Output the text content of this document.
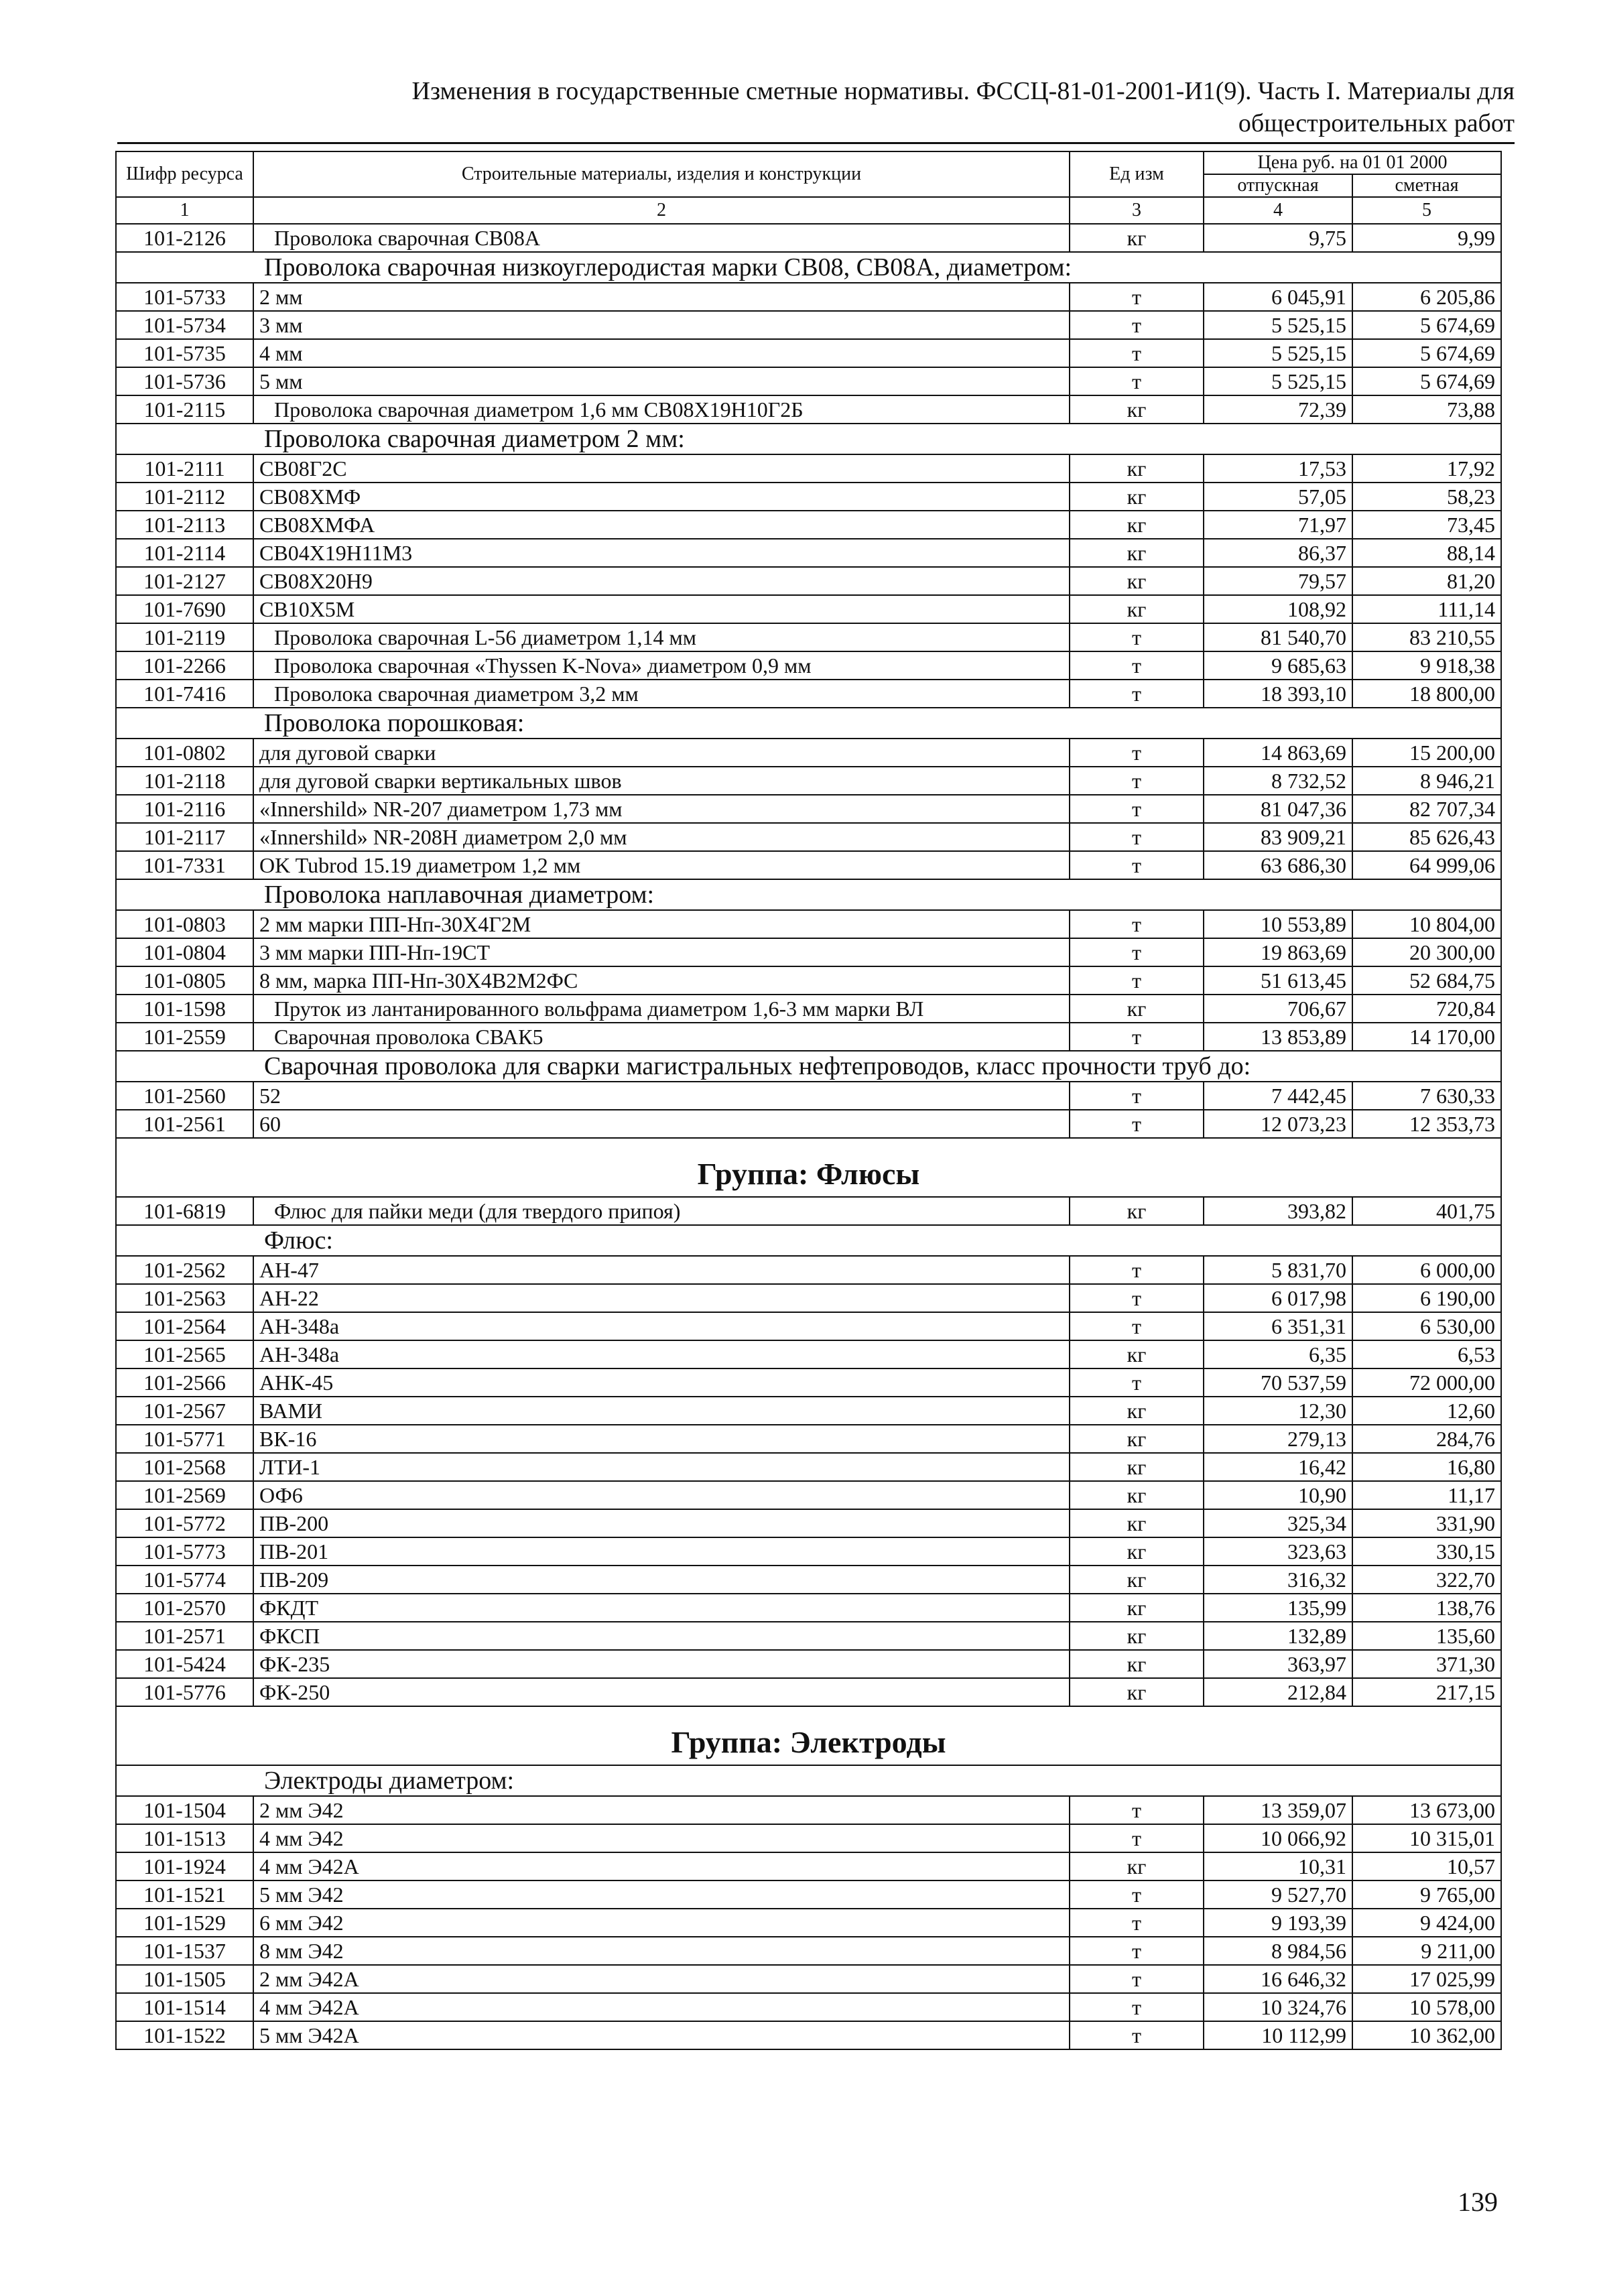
Изменения в государственные сметные нормативы. ФССЦ-81-01-2001-И1(9). Часть I. Материалы для
общестроительных работ
Шифр ресурса	Строительные материалы, изделия и конструкции	Ед изм	Цена руб. на 01 01 2000	
			отпускная	сметная
1	2	3	4	5
101-2126	Проволока сварочная СВ08А	кг	9,75	9,99
Проволока сварочная низкоуглеродистая марки СВ08, СВ08А, диаметром:				
101-5733	2 мм	т	6 045,91	6 205,86
101-5734	3 мм	т	5 525,15	5 674,69
101-5735	4 мм	т	5 525,15	5 674,69
101-5736	5 мм	т	5 525,15	5 674,69
101-2115	Проволока сварочная диаметром 1,6 мм СВ08Х19Н10Г2Б	кг	72,39	73,88
Проволока сварочная диаметром 2 мм:				
101-2111	СВ08Г2С	кг	17,53	17,92
101-2112	СВ08ХМФ	кг	57,05	58,23
101-2113	СВ08ХМФА	кг	71,97	73,45
101-2114	СВ04Х19Н11М3	кг	86,37	88,14
101-2127	СВ08Х20Н9	кг	79,57	81,20
101-7690	СВ10Х5М	кг	108,92	111,14
101-2119	Проволока сварочная L-56 диаметром 1,14 мм	т	81 540,70	83 210,55
101-2266	Проволока сварочная «Thyssen K-Nova» диаметром 0,9 мм	т	9 685,63	9 918,38
101-7416	Проволока сварочная диаметром 3,2 мм	т	18 393,10	18 800,00
Проволока порошковая:				
101-0802	для дуговой сварки	т	14 863,69	15 200,00
101-2118	для дуговой сварки вертикальных швов	т	8 732,52	8 946,21
101-2116	«Innershild» NR-207 диаметром 1,73 мм	т	81 047,36	82 707,34
101-2117	«Innershild» NR-208H диаметром 2,0 мм	т	83 909,21	85 626,43
101-7331	OK Tubrod 15.19 диаметром 1,2 мм	т	63 686,30	64 999,06
Проволока наплавочная диаметром:				
101-0803	2 мм марки ПП-Нп-30Х4Г2М	т	10 553,89	10 804,00
101-0804	3 мм марки ПП-Нп-19СТ	т	19 863,69	20 300,00
101-0805	8 мм, марка ПП-Нп-30Х4В2М2ФС	т	51 613,45	52 684,75
101-1598	Пруток из лантанированного вольфрама диаметром 1,6-3 мм марки ВЛ	кг	706,67	720,84
101-2559	Сварочная проволока СВАК5	т	13 853,89	14 170,00
Сварочная проволока для сварки магистральных нефтепроводов, класс прочности труб до:				
101-2560	52	т	7 442,45	7 630,33
101-2561	60	т	12 073,23	12 353,73
Группа: Флюсы				
101-6819	Флюс для пайки меди (для твердого припоя)	кг	393,82	401,75
Флюс:				
101-2562	АН-47	т	5 831,70	6 000,00
101-2563	АН-22	т	6 017,98	6 190,00
101-2564	АН-348а	т	6 351,31	6 530,00
101-2565	АН-348а	кг	6,35	6,53
101-2566	АНК-45	т	70 537,59	72 000,00
101-2567	ВАМИ	кг	12,30	12,60
101-5771	ВК-16	кг	279,13	284,76
101-2568	ЛТИ-1	кг	16,42	16,80
101-2569	ОФ6	кг	10,90	11,17
101-5772	ПВ-200	кг	325,34	331,90
101-5773	ПВ-201	кг	323,63	330,15
101-5774	ПВ-209	кг	316,32	322,70
101-2570	ФКДТ	кг	135,99	138,76
101-2571	ФКСП	кг	132,89	135,60
101-5424	ФК-235	кг	363,97	371,30
101-5776	ФК-250	кг	212,84	217,15
Группа: Электроды				
Электроды диаметром:				
101-1504	2 мм Э42	т	13 359,07	13 673,00
101-1513	4 мм Э42	т	10 066,92	10 315,01
101-1924	4 мм Э42А	кг	10,31	10,57
101-1521	5 мм Э42	т	9 527,70	9 765,00
101-1529	6 мм Э42	т	9 193,39	9 424,00
101-1537	8 мм Э42	т	8 984,56	9 211,00
101-1505	2 мм Э42А	т	16 646,32	17 025,99
101-1514	4 мм Э42А	т	10 324,76	10 578,00
101-1522	5 мм Э42А	т	10 112,99	10 362,00
139
